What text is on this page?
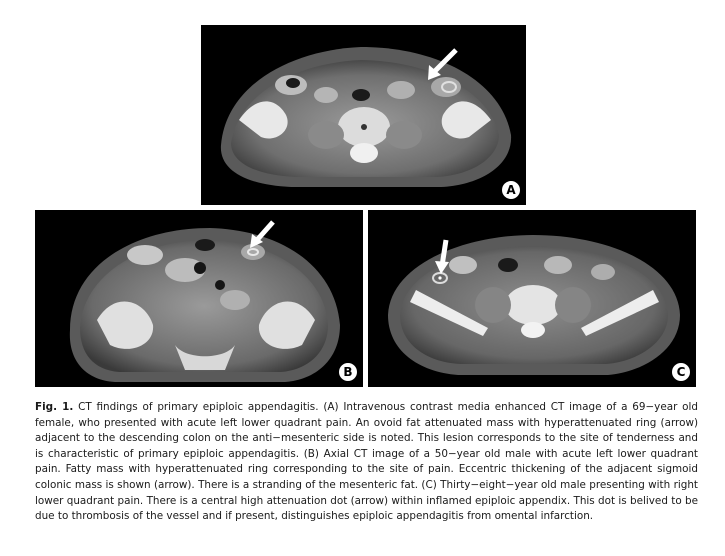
A
B	C

Fig. 1. CT findings of primary epiploic appendagitis. (A) Intravenous contrast media enhanced CT image of a 69−year old female, who presented with acute left lower quadrant pain. An ovoid fat attenuated mass with hyperattenuated ring (arrow) adjacent to the descending colon on the anti−mesenteric side is noted. This lesion corresponds to the site of tenderness and is characteristic of primary epiploic appendagitis. (B) Axial CT image of a 50−year old male with acute left lower quadrant pain. Fatty mass with hyperattenuated ring corresponding to the site of pain. Eccentric thickening of the adjacent sigmoid colonic mass is shown (arrow). There is a stranding of the mesenteric fat. (C) Thirty−eight−year old male presenting with right lower quadrant pain. There is a central high attenuation dot (arrow) within inflamed epiploic appendix. This dot is belived to be due to thrombosis of the vessel and if present, distinguishes epiploic appendagitis from omental infarction.
